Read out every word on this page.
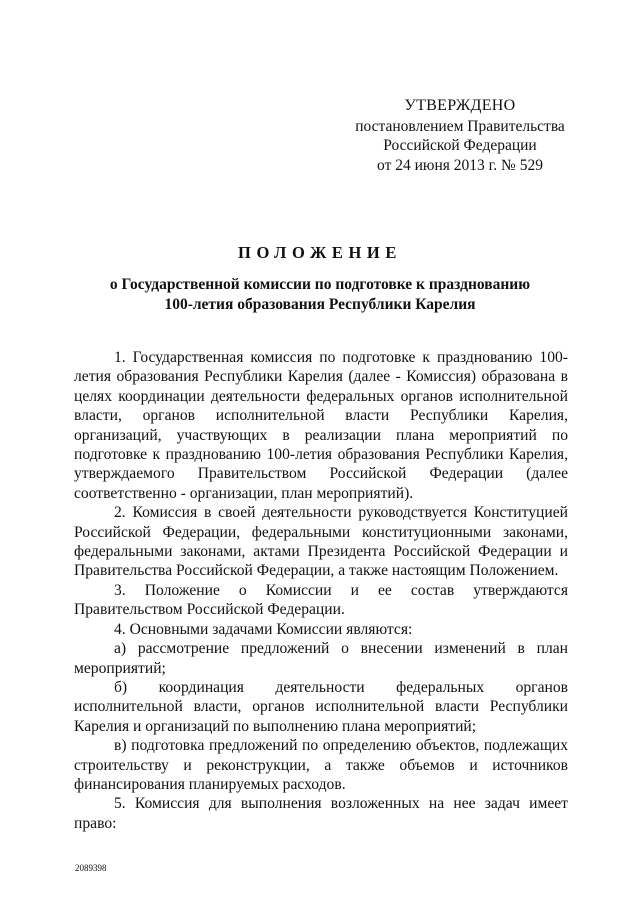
УТВЕРЖДЕНО
постановлением Правительства
Российской Федерации
от 24 июня 2013 г. № 529
ПОЛОЖЕНИЕ
о Государственной комиссии по подготовке к празднованию
100-летия образования Республики Карелия

1. Государственная комиссия по подготовке к празднованию 100-летия образования Республики Карелия (далее - Комиссия) образована в целях координации деятельности федеральных органов исполнительной власти, органов исполнительной власти Республики Карелия, организаций, участвующих в реализации плана мероприятий по подготовке к празднованию 100-летия образования Республики Карелия, утверждаемого Правительством Российской Федерации (далее соответственно - организации, план мероприятий).

2. Комиссия в своей деятельности руководствуется Конституцией Российской Федерации, федеральными конституционными законами, федеральными законами, актами Президента Российской Федерации и Правительства Российской Федерации, а также настоящим Положением.

3. Положение о Комиссии и ее состав утверждаются Правительством Российской Федерации.

4. Основными задачами Комиссии являются:

а) рассмотрение предложений о внесении изменений в план мероприятий;

б) координация деятельности федеральных органов исполнительной власти, органов исполнительной власти Республики Карелия и организаций по выполнению плана мероприятий;

в) подготовка предложений по определению объектов, подлежащих строительству и реконструкции, а также объемов и источников финансирования планируемых расходов.

5. Комиссия для выполнения возложенных на нее задач имеет право:

2089398
